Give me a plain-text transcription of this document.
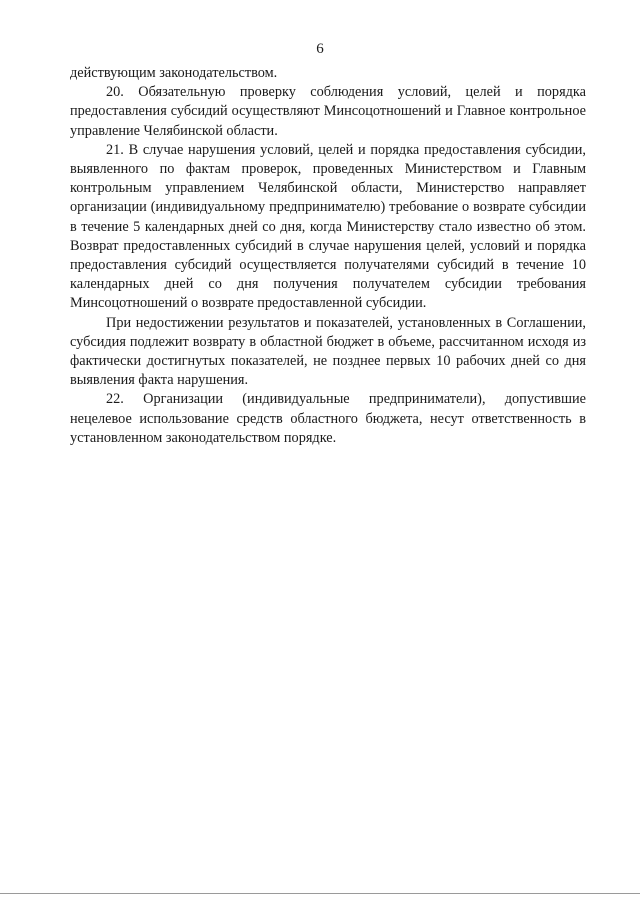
6

действующим законодательством.

20. Обязательную проверку соблюдения условий, целей и порядка предоставления субсидий осуществляют Минсоцотношений и Главное контрольное управление Челябинской области.

21. В случае нарушения условий, целей и порядка предоставления субсидии, выявленного по фактам проверок, проведенных Министерством и Главным контрольным управлением Челябинской области, Министерство направляет организации (индивидуальному предпринимателю) требование о возврате субсидии в течение 5 календарных дней со дня, когда Министерству стало известно об этом. Возврат предоставленных субсидий в случае нарушения целей, условий и порядка предоставления субсидий осуществляется получателями субсидий в течение 10 календарных дней со дня получения получателем субсидии требования Минсоцотношений о возврате предоставленной субсидии.

При недостижении результатов и показателей, установленных в Соглашении, субсидия подлежит возврату в областной бюджет в объеме, рассчитанном исходя из фактически достигнутых показателей, не позднее первых 10 рабочих дней со дня выявления факта нарушения.

22. Организации (индивидуальные предприниматели), допустившие нецелевое использование средств областного бюджета, несут ответственность в установленном законодательством порядке.
